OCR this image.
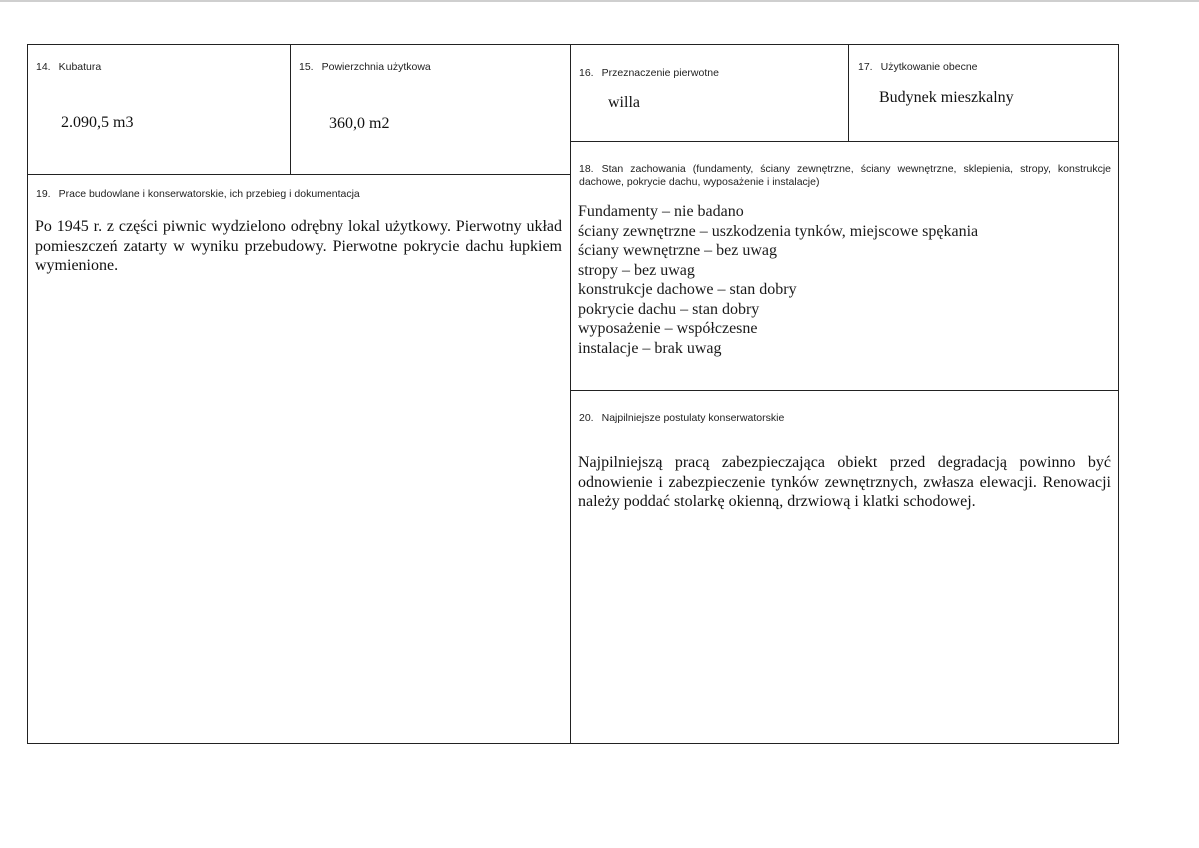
14. Kubatura
2.090,5 m3
15. Powierzchnia użytkowa
360,0 m2
16. Przeznaczenie pierwotne
willa
17. Użytkowanie obecne
Budynek mieszkalny
18. Stan zachowania (fundamenty, ściany zewnętrzne, ściany wewnętrzne, sklepienia, stropy, konstrukcje dachowe, pokrycie dachu, wyposażenie i instalacje)
Fundamenty – nie badano
ściany zewnętrzne – uszkodzenia tynków, miejscowe spękania
ściany wewnętrzne – bez uwag
stropy – bez uwag
konstrukcje dachowe – stan dobry
pokrycie dachu – stan dobry
wyposażenie – współczesne
instalacje – brak uwag
19. Prace budowlane i konserwatorskie, ich przebieg i dokumentacja
Po 1945 r. z części piwnic wydzielono odrębny lokal użytkowy. Pierwotny układ pomieszczeń zatarty w wyniku przebudowy. Pierwotne pokrycie dachu łupkiem wymienione.
20. Najpilniejsze postulaty konserwatorskie
Najpilniejszą pracą zabezpieczająca obiekt przed degradacją powinno być odnowienie i zabezpieczenie tynków zewnętrznych, zwłasza elewacji. Renowacji należy poddać stolarkę okienną, drzwiową i klatki schodowej.
